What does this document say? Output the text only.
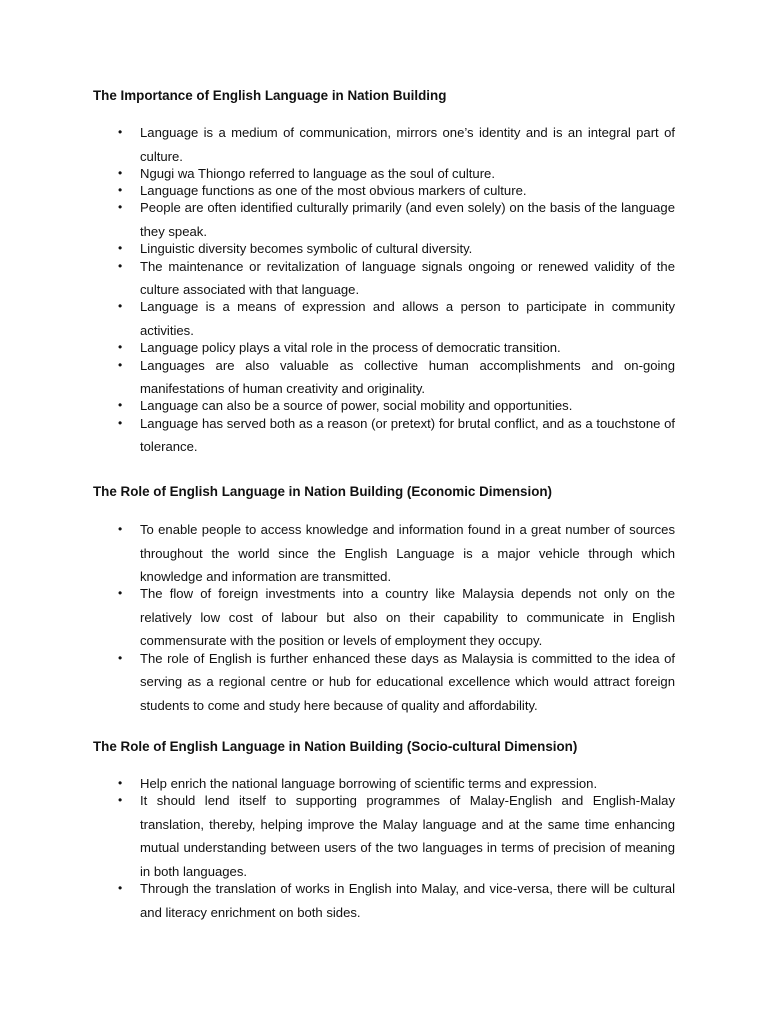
The Importance of English Language in Nation Building
• Language is a medium of communication, mirrors one’s identity and is an integral part of culture.
• Ngugi wa Thiongo referred to language as the soul of culture.
• Language functions as one of the most obvious markers of culture.
• People are often identified culturally primarily (and even solely) on the basis of the language they speak.
• Linguistic diversity becomes symbolic of cultural diversity.
• The maintenance or revitalization of language signals ongoing or renewed validity of the culture associated with that language.
• Language is a means of expression and allows a person to participate in community activities.
• Language policy plays a vital role in the process of democratic transition.
• Languages are also valuable as collective human accomplishments and on-going manifestations of human creativity and originality.
• Language can also be a source of power, social mobility and opportunities.
• Language has served both as a reason (or pretext) for brutal conflict, and as a touchstone of tolerance.
The Role of English Language in Nation Building (Economic Dimension)
• To enable people to access knowledge and information found in a great number of sources throughout the world since the English Language is a major vehicle through which knowledge and information are transmitted.
• The flow of foreign investments into a country like Malaysia depends not only on the relatively low cost of labour but also on their capability to communicate in English commensurate with the position or levels of employment they occupy.
• The role of English is further enhanced these days as Malaysia is committed to the idea of serving as a regional centre or hub for educational excellence which would attract foreign students to come and study here because of quality and affordability.
The Role of English Language in Nation Building (Socio-cultural Dimension)
• Help enrich the national language borrowing of scientific terms and expression.
• It should lend itself to supporting programmes of Malay-English and English-Malay translation, thereby, helping improve the Malay language and at the same time enhancing mutual understanding between users of the two languages in terms of precision of meaning in both languages.
• Through the translation of works in English into Malay, and vice-versa, there will be cultural and literacy enrichment on both sides.
